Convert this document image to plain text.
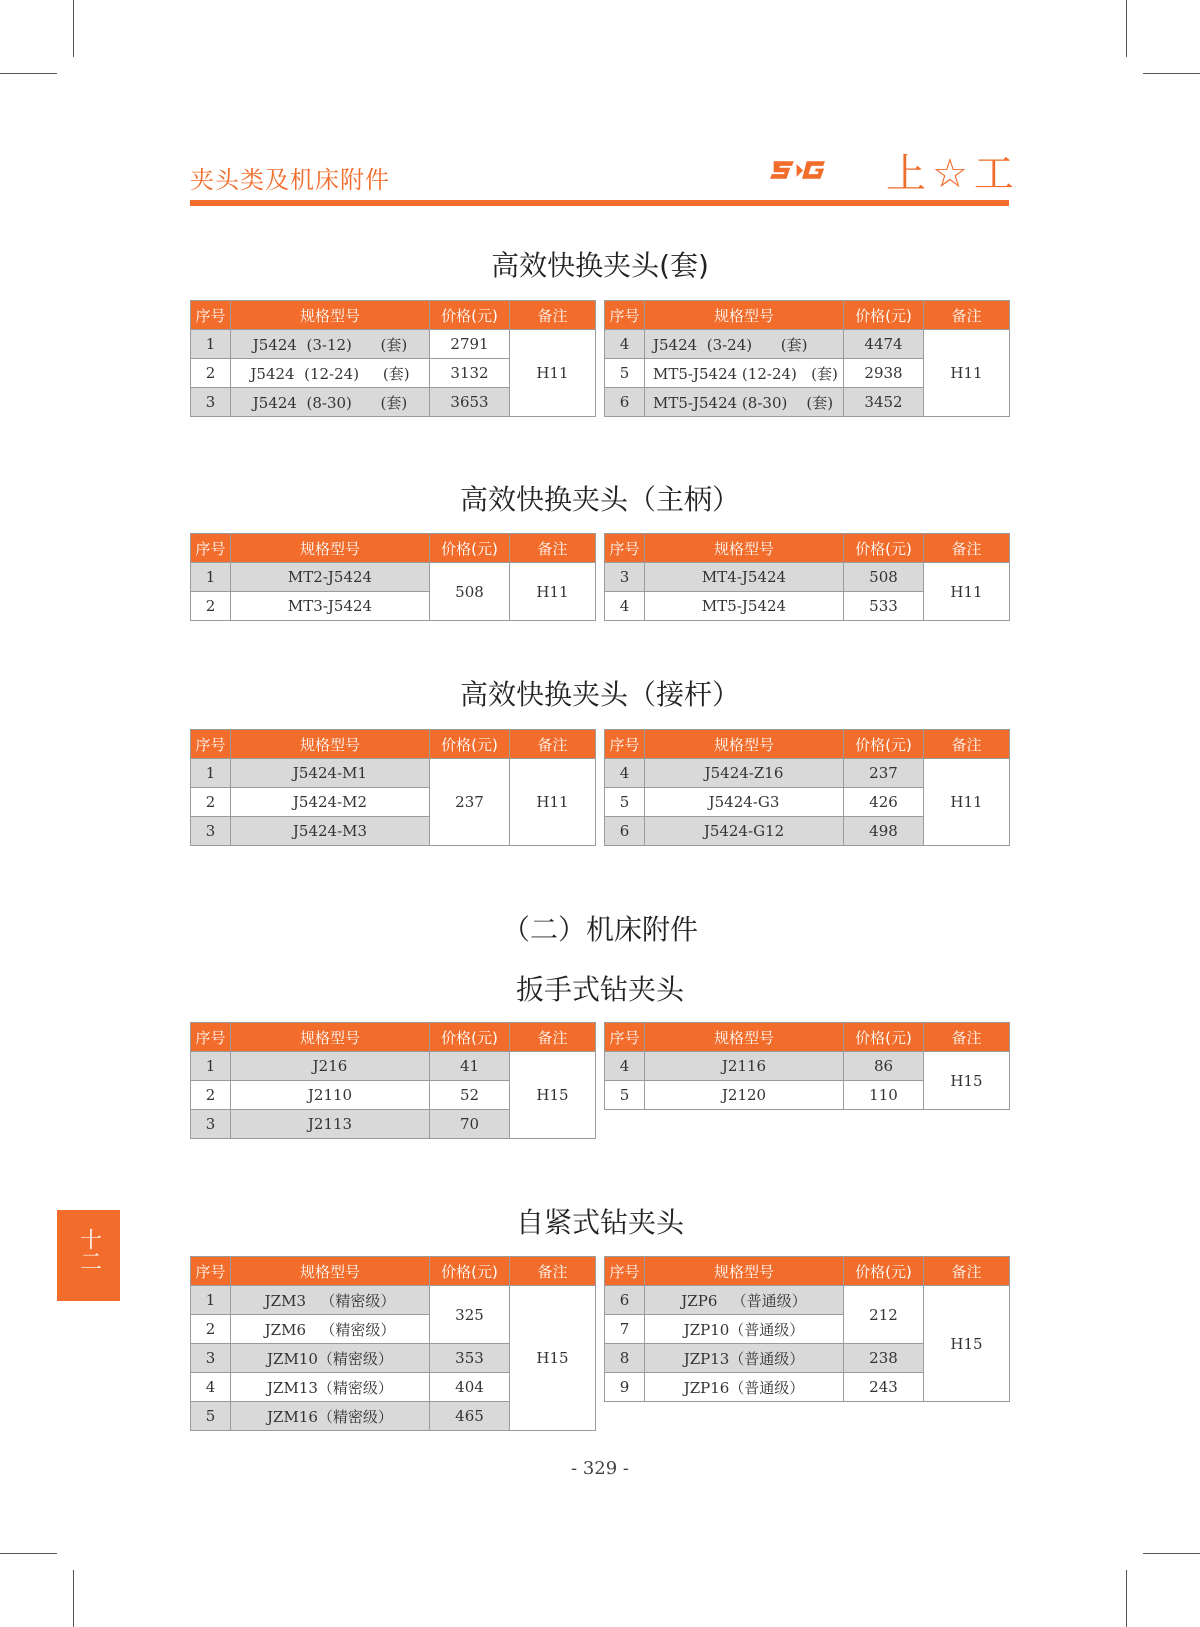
夹头类及机床附件	上☆工
高效快换夹头(套)
序号	规格型号	价格(元)	备注
1	J5424  (3-12)      (套)	2791	H11
2	J5424  (12-24)     (套)	3132	
3	J5424  (8-30)      (套)	3653	
序号	规格型号	价格(元)	备注
4	J5424  (3-24)      (套)	4474	H11
5	MT5-J5424 (12-24)   (套)	2938	
6	MT5-J5424 (8-30)    (套)	3452	
高效快换夹头（主柄）
序号	规格型号	价格(元)	备注
1	MT2-J5424	508	H11
2	MT3-J5424		
序号	规格型号	价格(元)	备注
3	MT4-J5424	508	H11
4	MT5-J5424	533	
高效快换夹头（接杆）
序号	规格型号	价格(元)	备注
1	J5424-M1	237	H11
2	J5424-M2		
3	J5424-M3		
序号	规格型号	价格(元)	备注
4	J5424-Z16	237	H11
5	J5424-G3	426	
6	J5424-G12	498	
（二）机床附件
扳手式钻夹头
序号	规格型号	价格(元)	备注
1	J216	41	H15
2	J2110	52	
3	J2113	70	
序号	规格型号	价格(元)	备注
4	J2116	86	H15
5	J2120	110	
自紧式钻夹头
序号	规格型号	价格(元)	备注
1	JZM3   （精密级）	325	H15
2	JZM6   （精密级）		
3	JZM10（精密级）	353	
4	JZM13（精密级）	404	
5	JZM16（精密级）	465	
序号	规格型号	价格(元)	备注
6	JZP6   （普通级）	212	H15
7	JZP10（普通级）		
8	JZP13（普通级）	238	
9	JZP16（普通级）	243	
十二
- 329 -
